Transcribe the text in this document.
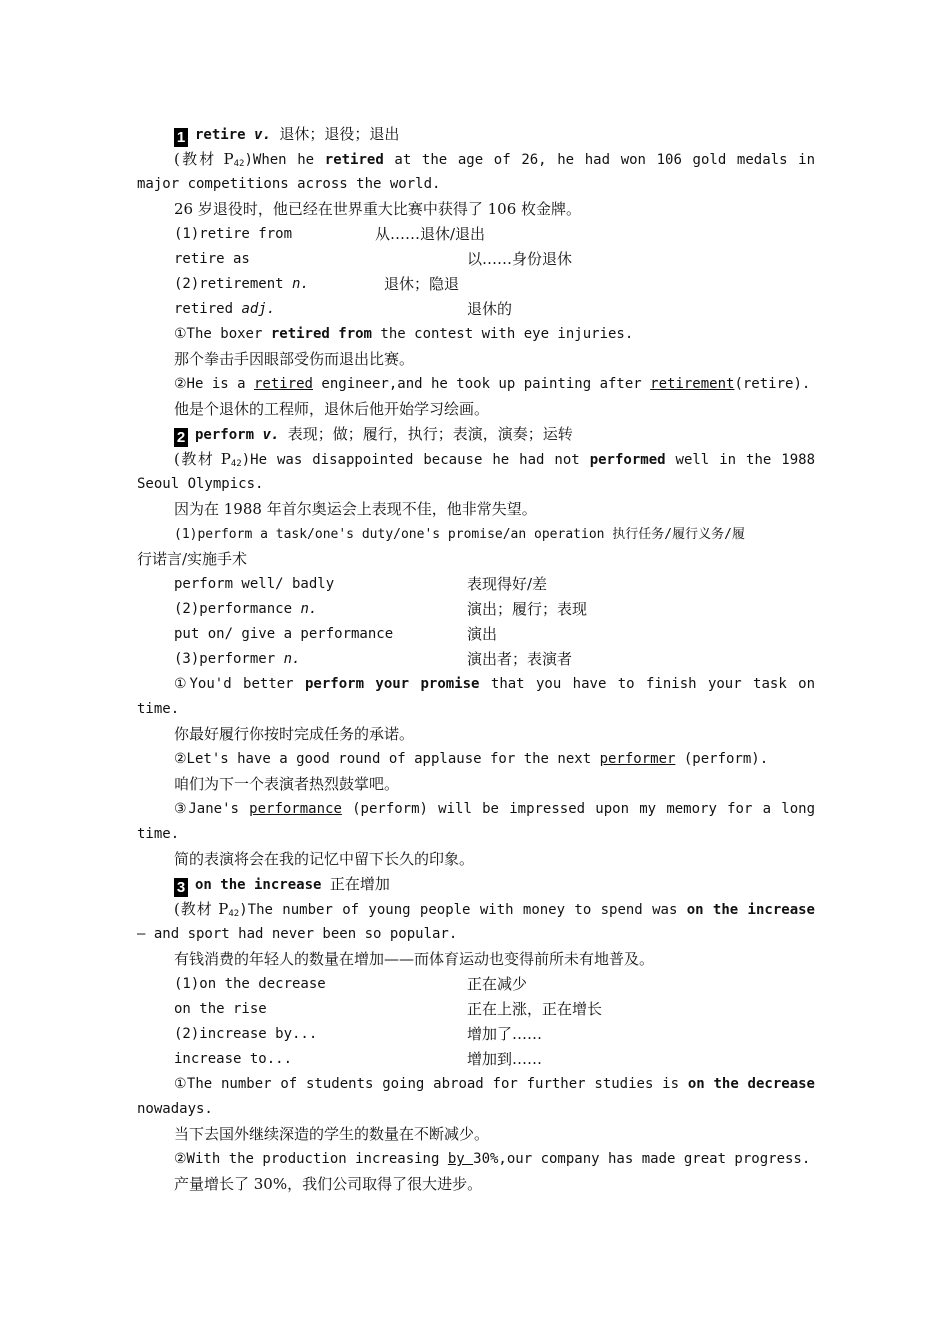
1 retire v. 退休；退役；退出
(教材 $P_{42})When$ he retired at the age of 26, he had won 106 gold medals in
major competitions across the world.
26 岁退役时，他已经在世界重大比赛中获得了 106 枚金牌。
(1)retire from	从……退休/退出
retire as	以……身份退休
(2)retirement n.	退休；隐退
retired adj.	退休的
①The boxer retired from the contest with eye injuries.
那个拳击手因眼部受伤而退出比赛。
②He is a retired engineer,and he took up painting after retirement(retire).
他是个退休的工程师，退休后他开始学习绘画。
2 perform v. 表现；做；履行，执行；表演，演奏；运转
(教材 $P_{42})He$ was disappointed because he had not performed well in the 1988
Seoul Olympics.
因为在 1988 年首尔奥运会上表现不佳，他非常失望。
(1)perform a task/one's duty/one's promise/an operation 执行任务/履行义务/履
行诺言/实施手术
perform well/ badly	表现得好/差
(2)performance n.	演出；履行；表现
put on/ give a performance	演出
(3)performer n.	演出者；表演者
①You'd better perform your promise that you have to finish your task on
time.
你最好履行你按时完成任务的承诺。
②Let's have a good round of applause for the next performer (perform).
咱们为下一个表演者热烈鼓掌吧。
③Jane's performance (perform) will be impressed upon my memory for a long
time.
简的表演将会在我的记忆中留下长久的印象。
3 on the increase 正在增加
(教材 $P_{42})The$ number of young people with money to spend was on the increase
— and sport had never been so popular.
有钱消费的年轻人的数量在增加——而体育运动也变得前所未有地普及。
(1)on the decrease	正在减少
on the rise	正在上涨，正在增长
(2)increase by...	增加了……
increase to...	增加到……
①The number of students going abroad for further studies is on the decrease
nowadays.
当下去国外继续深造的学生的数量在不断减少。
②With the production increasing by 30%,our company has made great progress.
产量增长了 30%，我们公司取得了很大进步。
